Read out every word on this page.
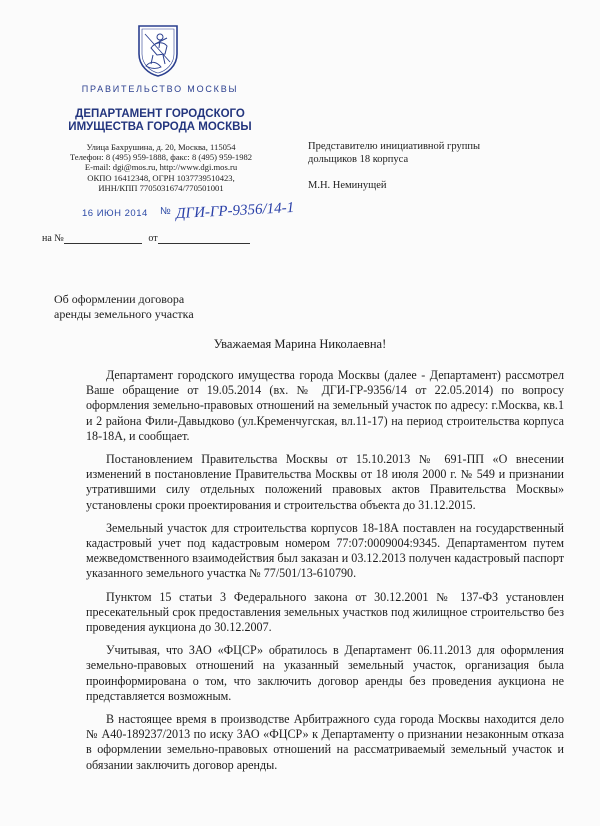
ПРАВИТЕЛЬСТВО МОСКВЫ
ДЕПАРТАМЕНТ ГОРОДСКОГО
ИМУЩЕСТВА ГОРОДА МОСКВЫ
Улица Бахрушина, д. 20, Москва, 115054
Телефон: 8 (495) 959-1888, факс: 8 (495) 959-1982
E-mail: dgi@mos.ru, http://www.dgi.mos.ru
ОКПО 16412348, ОГРН 1037739510423,
ИНН/КПП 7705031674/770501001
16 ИЮН 2014 № ДГИ-ГР-9356/14-1
на №	от
Представителю инициативной группы
дольщиков 18 корпуса
М.Н. Неминущей
Об оформлении договора
аренды земельного участка
Уважаемая Марина Николаевна!

Департамент городского имущества города Москвы (далее - Департамент) рассмотрел Ваше обращение от 19.05.2014 (вх. № ДГИ-ГР-9356/14 от 22.05.2014) по вопросу оформления земельно-правовых отношений на земельный участок по адресу: г.Москва, кв.1 и 2 района Фили-Давыдково (ул.Кременчугская, вл.11-17) на период строительства корпуса 18-18А, и сообщает.

Постановлением Правительства Москвы от 15.10.2013 № 691-ПП «О внесении изменений в постановление Правительства Москвы от 18 июля 2000 г. № 549 и признании утратившими силу отдельных положений правовых актов Правительства Москвы» установлены сроки проектирования и строительства объекта до 31.12.2015.

Земельный участок для строительства корпусов 18-18А поставлен на государственный кадастровый учет под кадастровым номером 77:07:0009004:9345. Департаментом путем межведомственного взаимодействия был заказан и 03.12.2013 получен кадастровый паспорт указанного земельного участка № 77/501/13-610790.

Пунктом 15 статьи 3 Федерального закона от 30.12.2001 № 137-ФЗ установлен пресекательный срок предоставления земельных участков под жилищное строительство без проведения аукциона до 30.12.2007.

Учитывая, что ЗАО «ФЦСР» обратилось в Департамент 06.11.2013 для оформления земельно-правовых отношений на указанный земельный участок, организация была проинформирована о том, что заключить договор аренды без проведения аукциона не представляется возможным.

В настоящее время в производстве Арбитражного суда города Москвы находится дело № А40-189237/2013 по иску ЗАО «ФЦСР» к Департаменту о признании незаконным отказа в оформлении земельно-правовых отношений на рассматриваемый земельный участок и обязании заключить договор аренды.
